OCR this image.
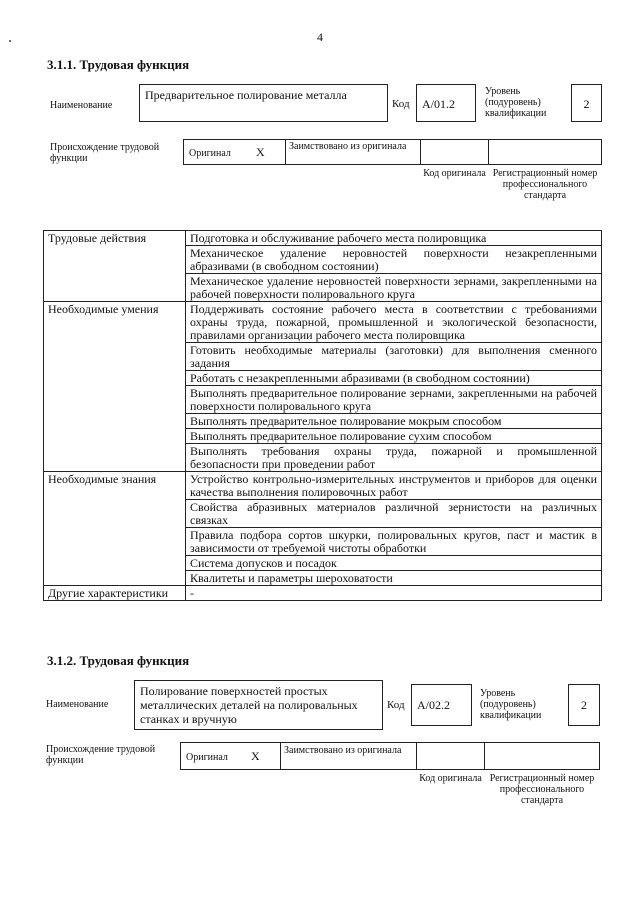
4
3.1.1. Трудовая функция
Наименование
Предварительное полирование металла
Код	А/01.2
Уровень (подуровень) квалификации
2
Происхождение трудовой функции	Оригинал X Заимствовано из оригинала
Код оригинала Регистрационный номер профессионального стандарта
Трудовые действия	Подготовка и обслуживание рабочего места полировщика
	Механическое удаление неровностей поверхности незакрепленными абразивами (в свободном состоянии)
	Механическое удаление неровностей поверхности зернами, закрепленными на рабочей поверхности полировального круга
Необходимые умения	Поддерживать состояние рабочего места в соответствии с требованиями охраны труда, пожарной, промышленной и экологической безопасности, правилами организации рабочего места полировщика
	Готовить необходимые материалы (заготовки) для выполнения сменного задания
	Работать с незакрепленными абразивами (в свободном состоянии)
	Выполнять предварительное полирование зернами, закрепленными на рабочей поверхности полировального круга
	Выполнять предварительное полирование мокрым способом
	Выполнять предварительное полирование сухим способом
	Выполнять требования охраны труда, пожарной и промышленной безопасности при проведении работ
Необходимые знания	Устройство контрольно-измерительных инструментов и приборов для оценки качества выполнения полировочных работ
	Свойства абразивных материалов различной зернистости на различных связках
	Правила подбора сортов шкурки, полировальных кругов, паст и мастик в зависимости от требуемой чистоты обработки
	Система допусков и посадок
	Квалитеты и параметры шероховатости
Другие характеристики	-
3.1.2. Трудовая функция
Наименование
Полирование поверхностей простых металлических деталей на полировальных станках и вручную
Код	А/02.2
Уровень (подуровень) квалификации
2
Происхождение трудовой функции	Оригинал X Заимствовано из оригинала
Код оригинала Регистрационный номер профессионального стандарта
